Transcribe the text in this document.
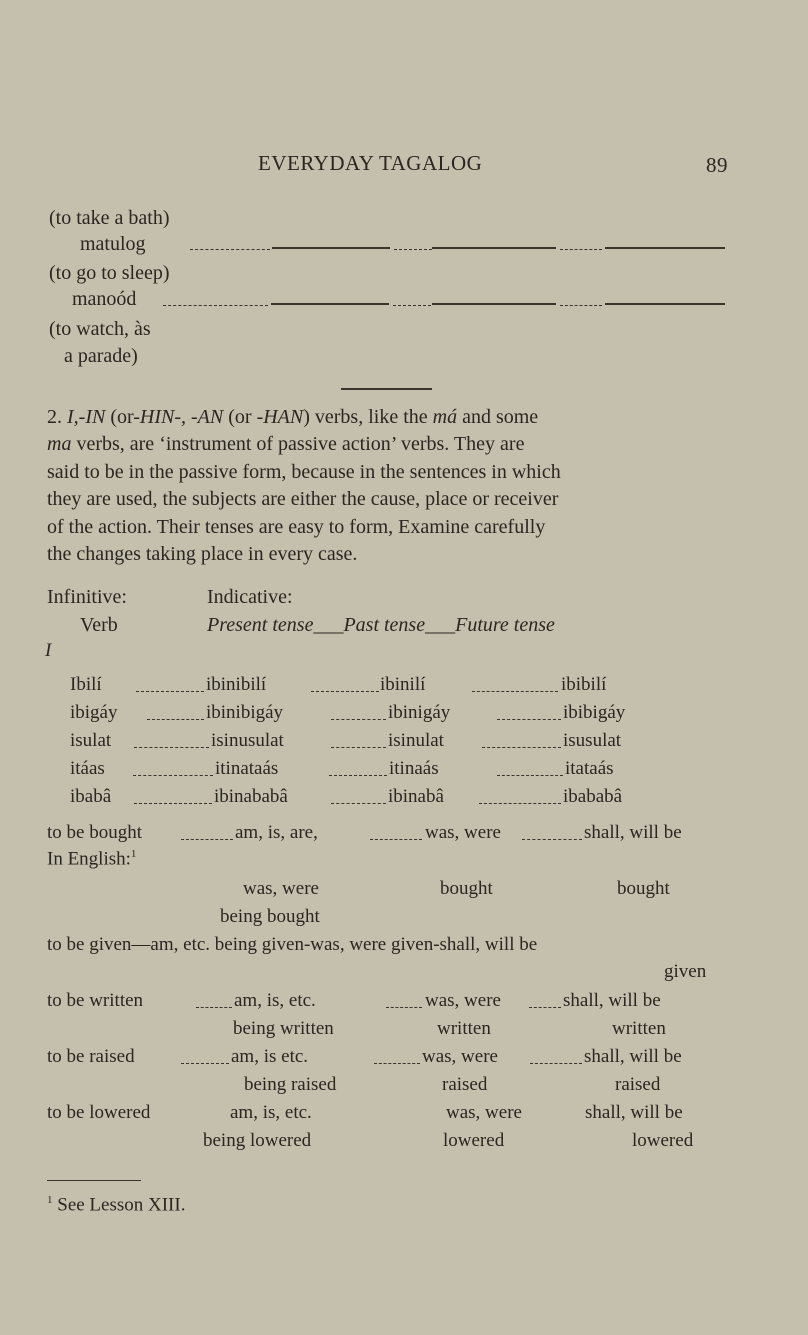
EVERYDAY TAGALOG	89
(to take a bath)
matulog
(to go to sleep)
manoód
(to watch, às
a parade)
2. I,-IN (or-HIN-, -AN (or -HAN) verbs, like the má and some
ma verbs, are ‘instrument of passive action’ verbs. They are
said to be in the passive form, because in the sentences in which
they are used, the subjects are either the cause, place or receiver
of the action. Their tenses are easy to form, Examine carefully
the changes taking place in every case.
Infinitive:	Indicative:
Verb	Present tense___Past tense___Future tense
I
Ibilí	ibinibilí	ibinilí	ibibilí
ibigáy	ibinibigáy	ibinigáy	ibibigáy
isulat	isinusulat	isinulat	isusulat
itáas	itinataás	itinaás	itataás
ibabâ	ibinababâ	ibinabâ	ibababâ
to be bought	am, is, are,	was, were	shall, will be
In English:$^1$
was, were	bought	bought
being bought
to be given—am, etc. being given-was, were given-shall, will be
given
to be written	am, is, etc.	was, were	shall, will be
being written	written	written
to be raised	am, is etc.	was, were	shall, will be
being raised	raised	raised
to be lowered	am, is, etc.	was, were	shall, will be
being lowered	lowered	lowered
$^1$ See Lesson XIII.
